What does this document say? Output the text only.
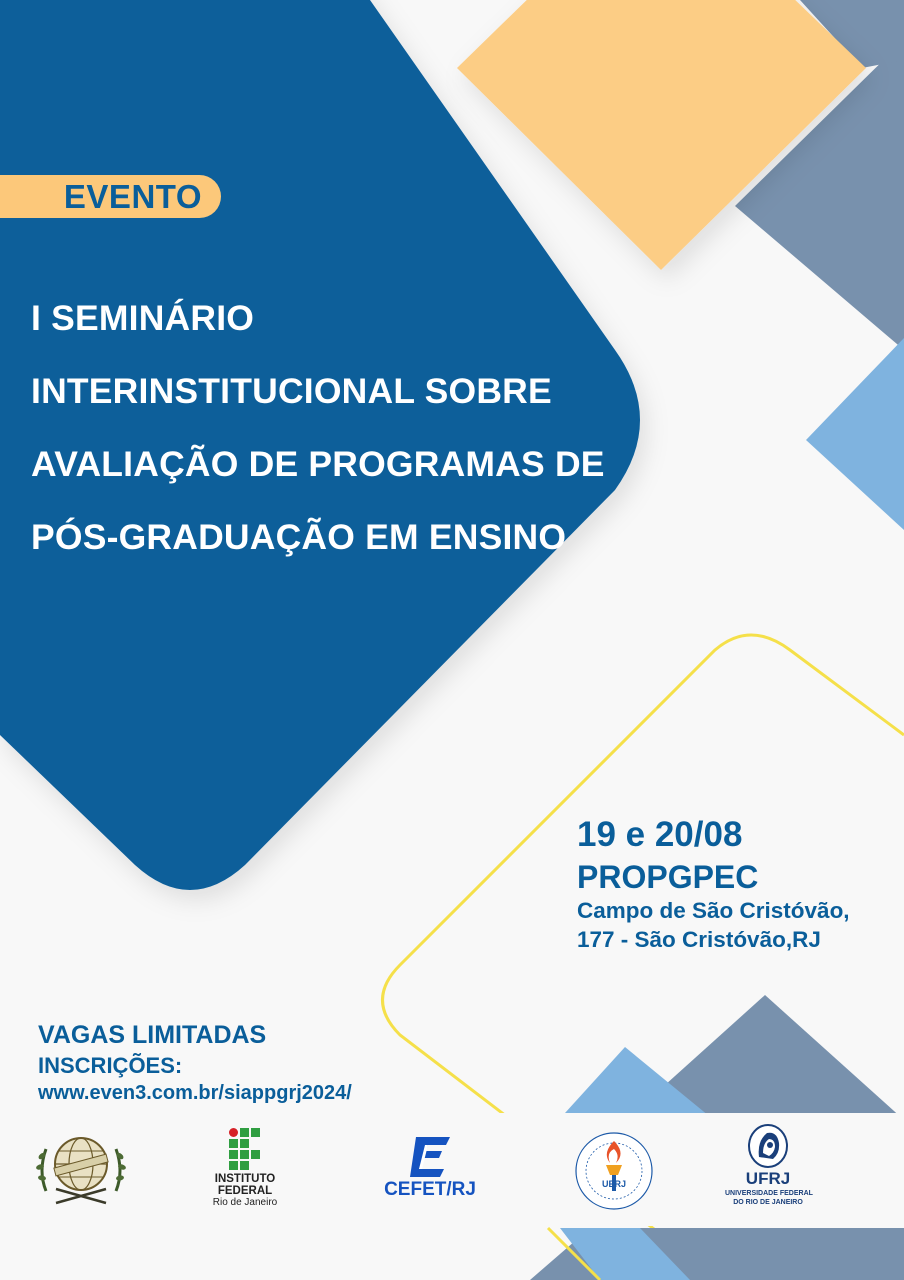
EVENTO
I SEMINÁRIO
INTERINSTITUCIONAL SOBRE
AVALIAÇÃO DE PROGRAMAS DE
PÓS-GRADUAÇÃO EM ENSINO
19 e 20/08
PROPGPEC
Campo de São Cristóvão,
177 - São Cristóvão,RJ
VAGAS LIMITADAS
INSCRIÇÕES:
www.even3.com.br/siappgrj2024/
INSTITUTO
FEDERAL
Rio de Janeiro
CEFET/RJ	UERJ	UFRJ
UNIVERSIDADE FEDERAL
DO RIO DE JANEIRO
